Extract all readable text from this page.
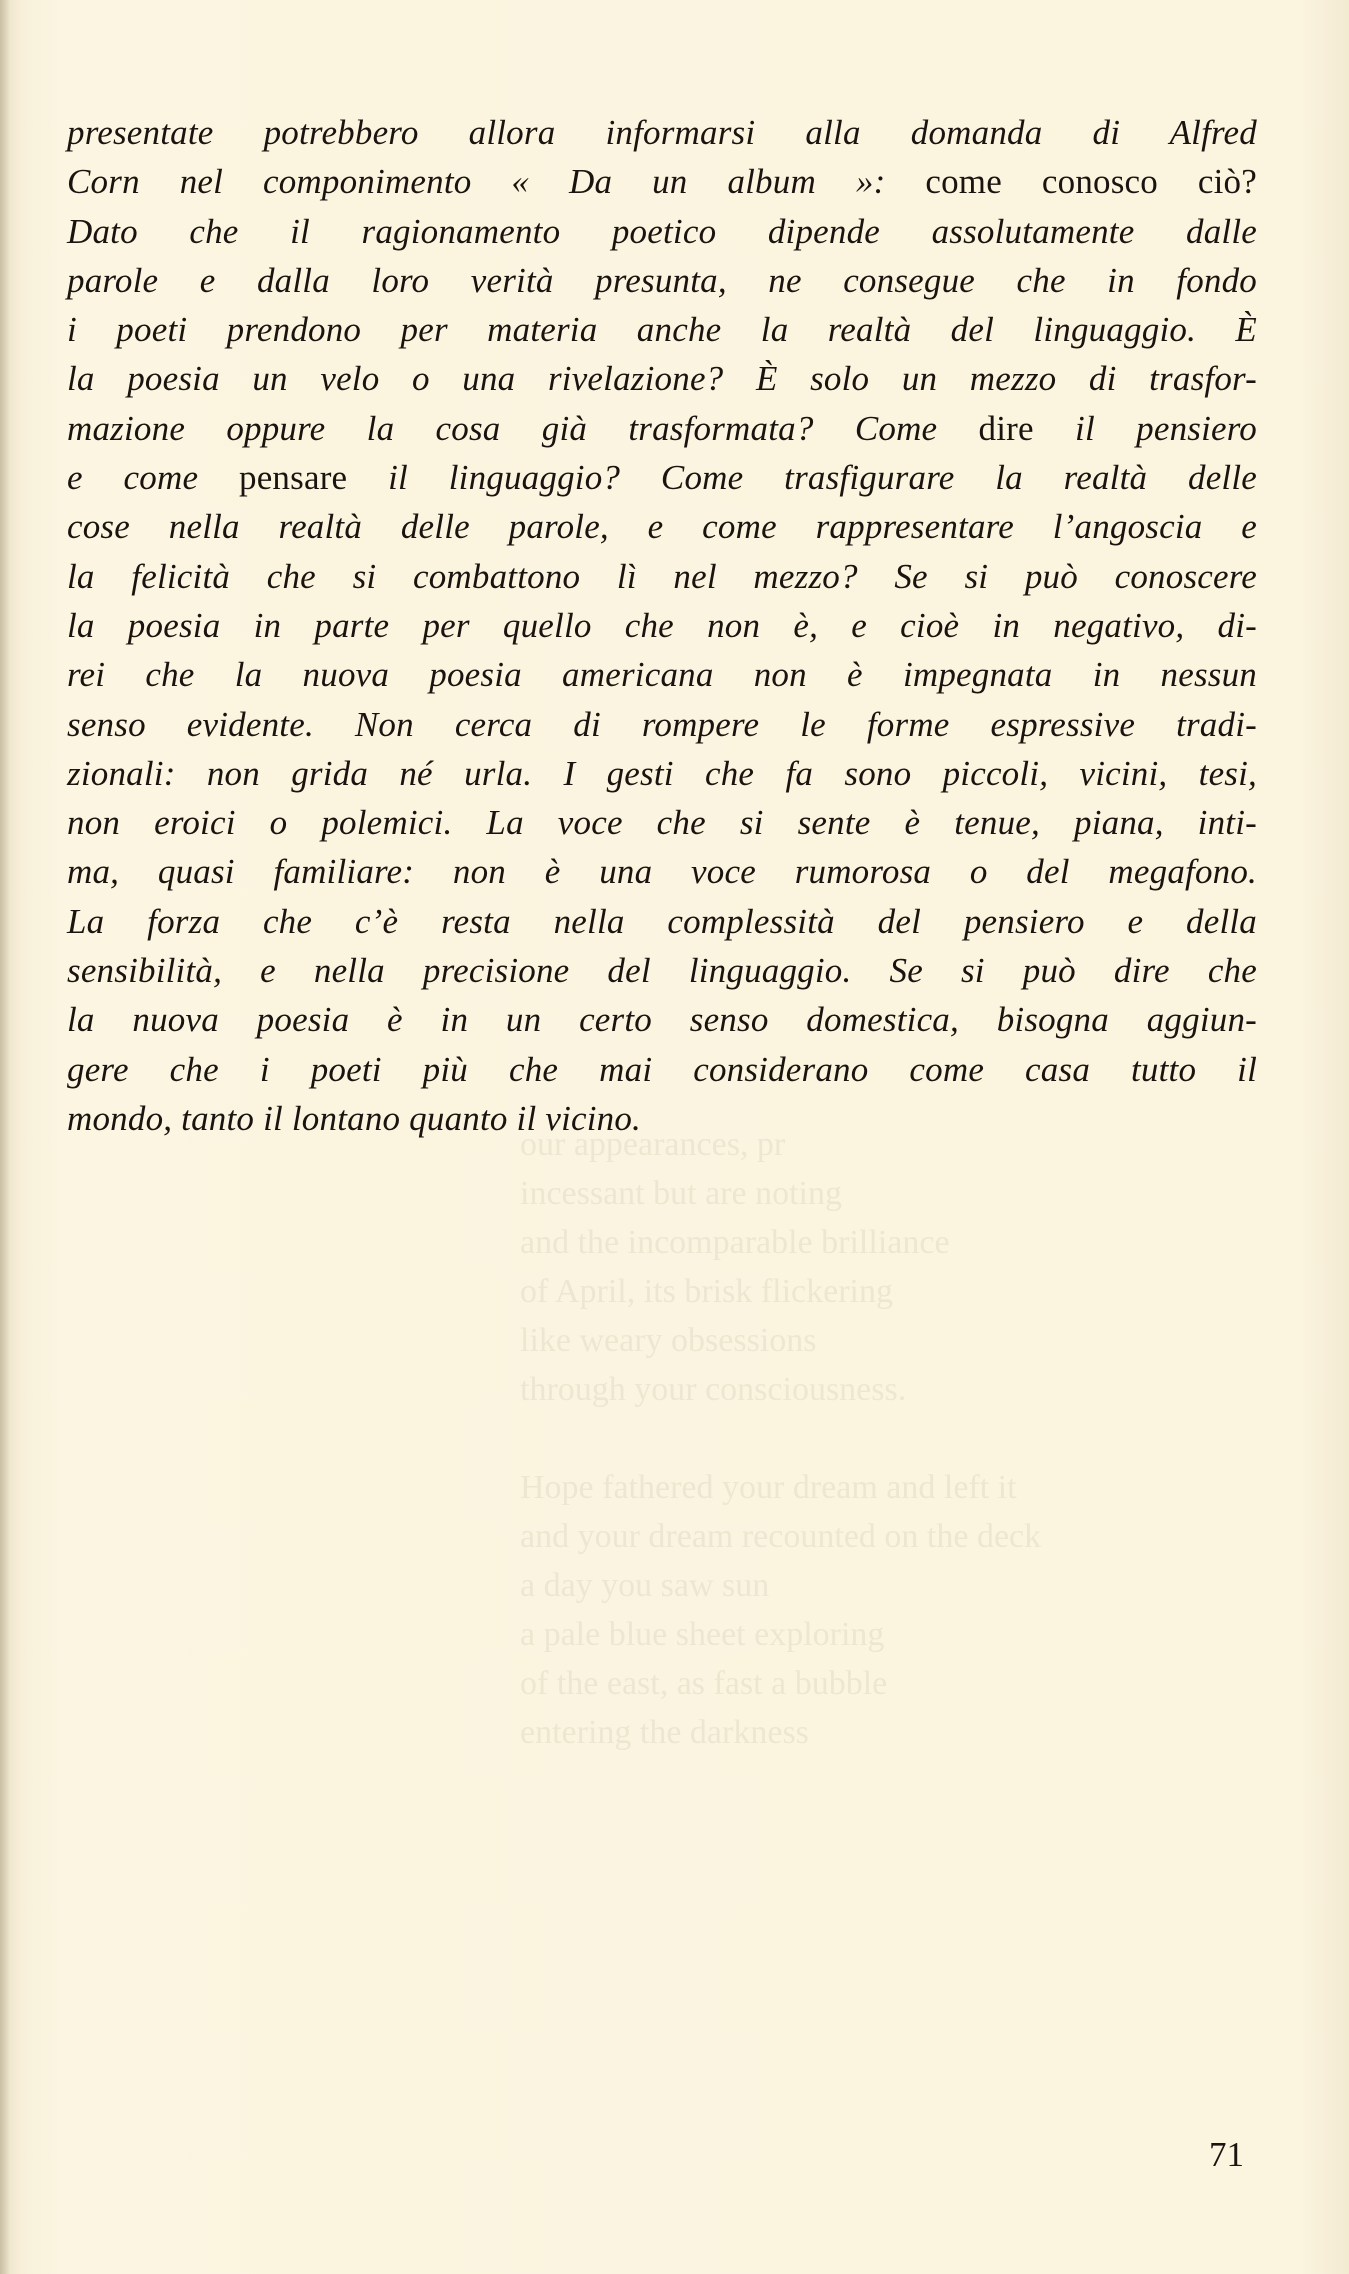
our appearances, pr
incessant but are noting
and the incomparable brilliance
of April, its brisk flickering
like weary obsessions
through your consciousness.

Hope fathered your dream and left it
and your dream recounted on the deck
a day you saw sun
a pale blue sheet exploring
of the east, as fast a bubble
entering the darkness
presentate potrebbero allora informarsi alla domanda di Alfred
Corn nel componimento « Da un album »: come conosco ciò?
Dato che il ragionamento poetico dipende assolutamente dalle
parole e dalla loro verità presunta, ne consegue che in fondo
i poeti prendono per materia anche la realtà del linguaggio. È
la poesia un velo o una rivelazione? È solo un mezzo di trasfor-
mazione oppure la cosa già trasformata? Come dire il pensiero
e come pensare il linguaggio? Come trasfigurare la realtà delle
cose nella realtà delle parole, e come rappresentare l’angoscia e
la felicità che si combattono lì nel mezzo? Se si può conoscere
la poesia in parte per quello che non è, e cioè in negativo, di-
rei che la nuova poesia americana non è impegnata in nessun
senso evidente. Non cerca di rompere le forme espressive tradi-
zionali: non grida né urla. I gesti che fa sono piccoli, vicini, tesi,
non eroici o polemici. La voce che si sente è tenue, piana, inti-
ma, quasi familiare: non è una voce rumorosa o del megafono.
La forza che c’è resta nella complessità del pensiero e della
sensibilità, e nella precisione del linguaggio. Se si può dire che
la nuova poesia è in un certo senso domestica, bisogna aggiun-
gere che i poeti più che mai considerano come casa tutto il
mondo, tanto il lontano quanto il vicino.
71
